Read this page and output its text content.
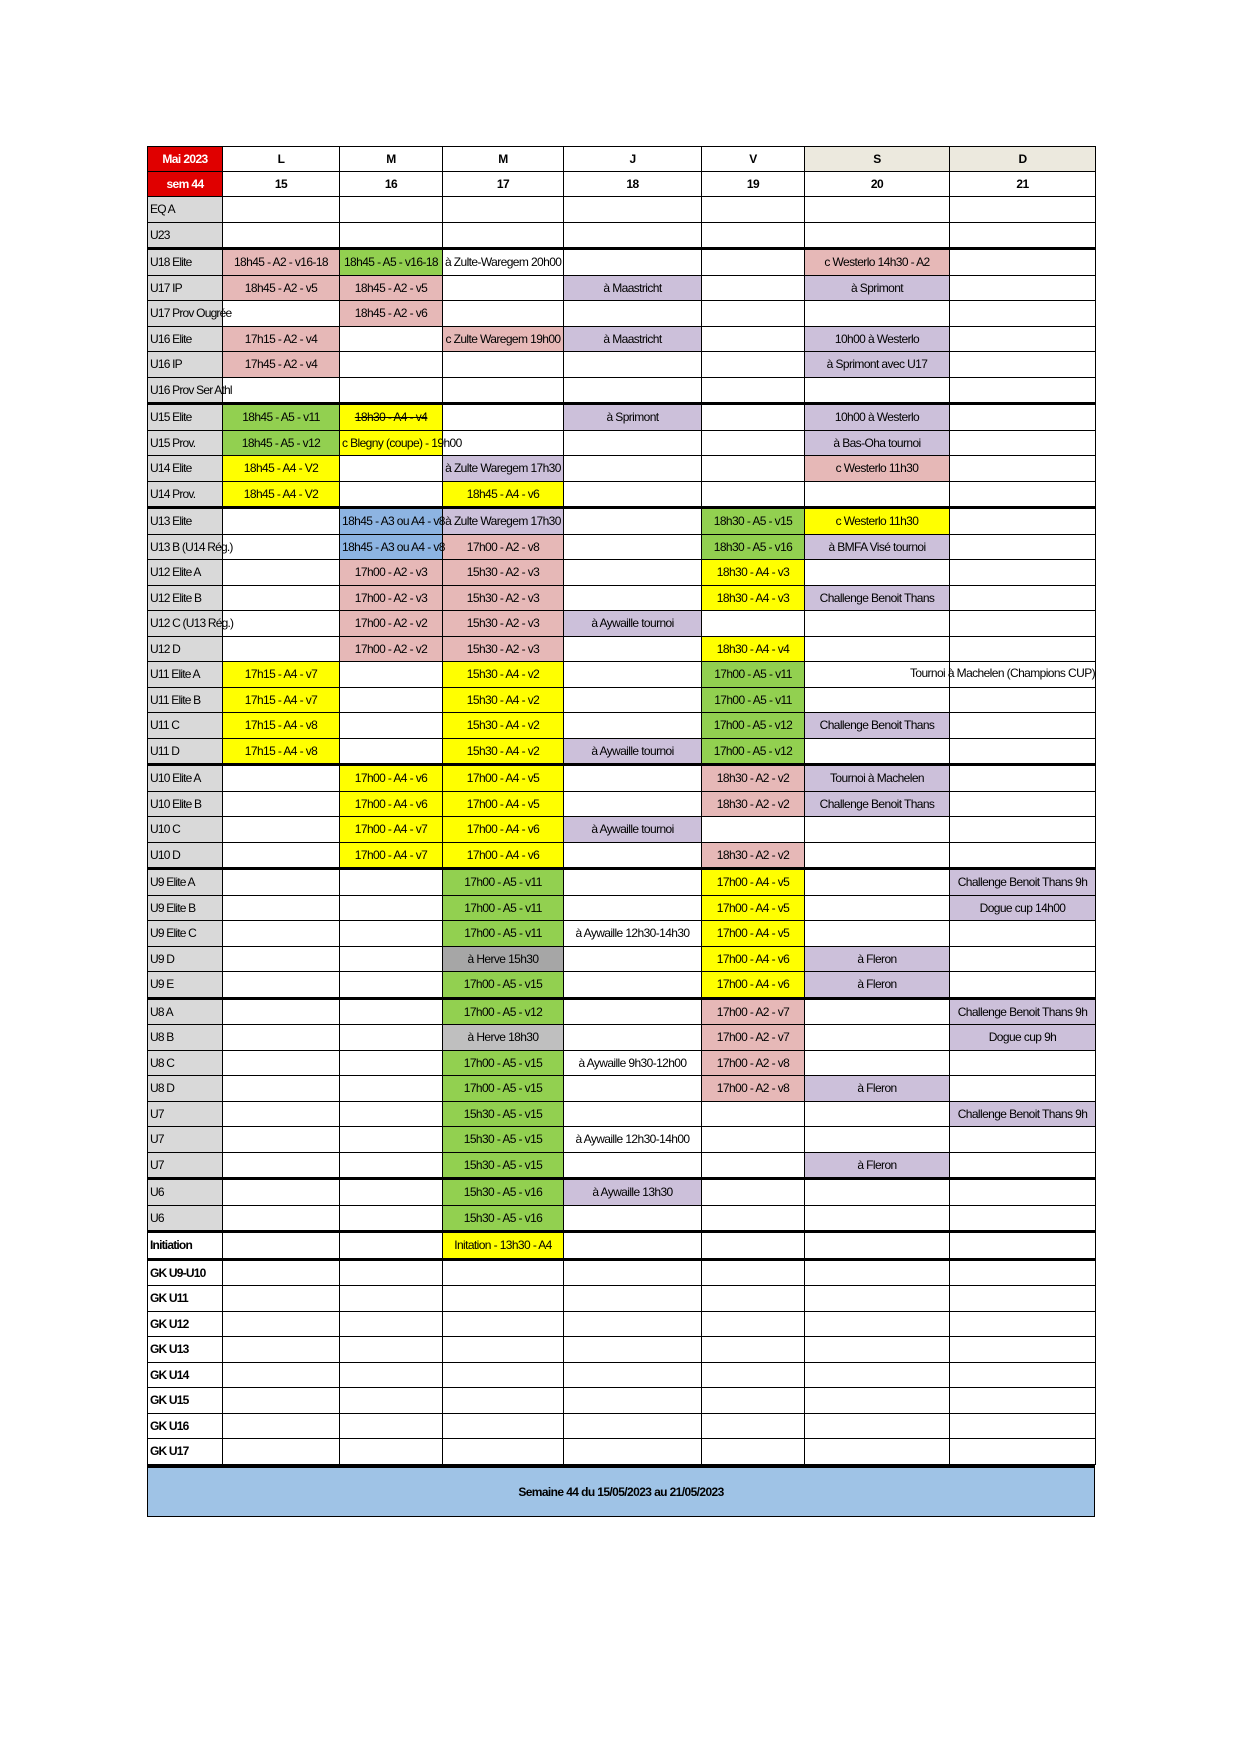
Mai 2023	L	M	M	J	V	S	D
sem 44	15	16	17	18	19	20	21
EQ A							
U23							
U18 Elite	18h45 - A2 - v16-18	18h45 - A5 - v16-18	à Zulte-Waregem 20h00			c Westerlo 14h30 - A2	
U17 IP	18h45 - A2 - v5	18h45 - A2 - v5		à Maastricht		à Sprimont	
U17 Prov Ougrée		18h45 - A2 - v6					
U16 Elite	17h15 - A2 - v4		c Zulte Waregem 19h00	à Maastricht		10h00 à Westerlo	
U16 IP	17h45 - A2 - v4					à Sprimont avec U17	
U16 Prov Ser Athl							
U15 Elite	18h45 - A5 - v11	18h30 - A4 - v4		à Sprimont		10h00 à Westerlo	
U15 Prov.	18h45 - A5 - v12	c Blegny (coupe) - 19h00				à Bas-Oha tournoi	
U14 Elite	18h45 - A4 - V2		à Zulte Waregem 17h30			c Westerlo 11h30	
U14 Prov.	18h45 - A4 - V2		18h45 - A4 - v6				
U13 Elite		18h45 - A3 ou A4 - v8	à Zulte Waregem 17h30		18h30 - A5 - v15	c Westerlo 11h30	
U13 B (U14 Rég.)		18h45 - A3 ou A4 - v8	17h00 - A2 - v8		18h30 - A5 - v16	à BMFA Visé tournoi	
U12 Elite A		17h00 - A2 - v3	15h30 - A2 - v3		18h30 - A4 - v3		
U12 Elite B		17h00 - A2 - v3	15h30 - A2 - v3		18h30 - A4 - v3	Challenge Benoit Thans	
U12 C (U13 Rég.)		17h00 - A2 - v2	15h30 - A2 - v3	à Aywaille tournoi			
U12 D		17h00 - A2 - v2	15h30 - A2 - v3		18h30 - A4 - v4		
U11 Elite A	17h15 - A4 - v7		15h30 - A4 - v2		17h00 - A5 - v11		Tournoi à Machelen (Champions CUP)

U11 Elite B	17h15 - A4 - v7		15h30 - A4 - v2		17h00 - A5 - v11		
U11 C	17h15 - A4 - v8		15h30 - A4 - v2		17h00 - A5 - v12	Challenge Benoit Thans	
U11 D	17h15 - A4 - v8		15h30 - A4 - v2	à Aywaille tournoi	17h00 - A5 - v12		
U10 Elite A		17h00 - A4 - v6	17h00 - A4 - v5		18h30 - A2 - v2	Tournoi à Machelen	
U10 Elite B		17h00 - A4 - v6	17h00 - A4 - v5		18h30 - A2 - v2	Challenge Benoit Thans	
U10 C		17h00 - A4 - v7	17h00 - A4 - v6	à Aywaille tournoi			
U10 D		17h00 - A4 - v7	17h00 - A4 - v6		18h30 - A2 - v2		
U9 Elite A			17h00 - A5 - v11		17h00 - A4 - v5		Challenge Benoit Thans 9h
U9 Elite B			17h00 - A5 - v11		17h00 - A4 - v5		Dogue cup 14h00
U9 Elite C			17h00 - A5 - v11	à Aywaille 12h30-14h30	17h00 - A4 - v5		
U9 D			à Herve 15h30		17h00 - A4 - v6	à Fleron	
U9 E			17h00 - A5 - v15		17h00 - A4 - v6	à Fleron	
U8 A			17h00 - A5 - v12		17h00 - A2 - v7		Challenge Benoit Thans 9h
U8 B			à Herve 18h30		17h00 - A2 - v7		Dogue cup 9h
U8 C			17h00 - A5 - v15	à Aywaille 9h30-12h00	17h00 - A2 - v8		
U8 D			17h00 - A5 - v15		17h00 - A2 - v8	à Fleron	
U7			15h30 - A5 - v15				Challenge Benoit Thans 9h
U7			15h30 - A5 - v15	à Aywaille 12h30-14h00			
U7			15h30 - A5 - v15			à Fleron	
U6			15h30 - A5 - v16	à Aywaille 13h30			
U6			15h30 - A5 - v16				
Initiation			Initation - 13h30 - A4				
GK U9-U10							
GK U11							
GK U12							
GK U13							
GK U14							
GK U15							
GK U16							
GK U17							
Semaine 44 du 15/05/2023 au 21/05/2023
